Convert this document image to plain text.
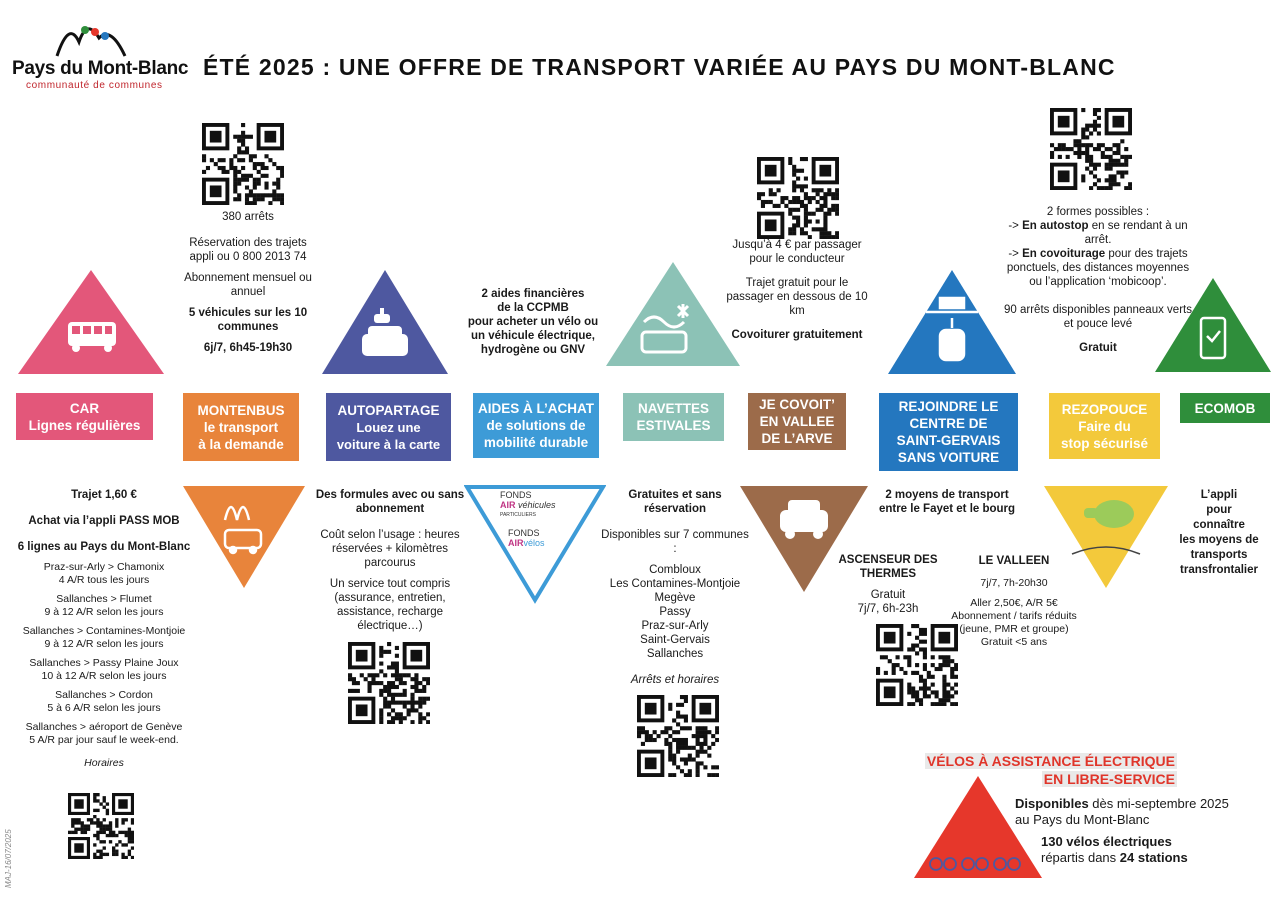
Pays du Mont-Blanc
communauté de communes
ÉTÉ 2025 : UNE OFFRE DE TRANSPORT VARIÉE AU PAYS DU MONT-BLANC
CAR
Lignes régulières

Trajet 1,60 €

Achat via l’appli PASS MOB

6 lignes au Pays du Mont-Blanc

Praz-sur-Arly > Chamonix
4 A/R tous les jours
Sallanches > Flumet
9 à 12 A/R selon les jours
Sallanches > Contamines-Montjoie
9 à 12 A/R selon les jours
Sallanches > Passy Plaine Joux
10 à 12 A/R selon les jours
Sallanches > Cordon
5 à 6 A/R selon les jours
Sallanches > aéroport de Genève
5 A/R par jour sauf le week-end.

Horaires

380 arrêts

Réservation des trajets appli ou 0 800 2013 74

Abonnement mensuel ou annuel

5 véhicules sur les 10 communes

6j/7, 6h45-19h30

MONTENBUS
le transport
à la demande
AUTOPARTAGE
Louez une
voiture à la carte

Des formules avec ou sans abonnement

Coût selon l’usage : heures réservées + kilomètres parcourus

Un service tout compris (assurance, entretien, assistance, recharge électrique…)

2 aides financières
de la CCPMB
pour acheter un vélo ou
un véhicule électrique,
hydrogène ou GNV
AIDES À L’ACHAT
de solutions de
mobilité durable
FONDS
AIR véhicules
PARTICULIERS
FONDS
AIRvélos
NAVETTES
ESTIVALES

Gratuites et sans réservation

Disponibles sur 7 communes :

Combloux
Les Contamines-Montjoie
Megève
Passy
Praz-sur-Arly
Saint-Gervais
Sallanches

Arrêts et horaires

Jusqu’à 4 € par passager pour le conducteur

Trajet gratuit pour le passager en dessous de 10 km

Covoiturer gratuitement

JE COVOIT’
EN VALLEE
DE L’ARVE
REJOINDRE LE
CENTRE DE
SAINT-GERVAIS
SANS VOITURE
2 moyens de transport entre le Fayet et le bourg

ASCENSEUR DES THERMES

Gratuit
7j/7, 6h-23h

LE VALLEEN

7j/7, 7h-20h30

Aller 2,50€, A/R 5€
Abonnement / tarifs réduits (jeune, PMR et groupe)
Gratuit <5 ans
2 formes possibles :
-> En autostop en se rendant à un arrêt.
-> En covoiturage pour des trajets ponctuels, des distances moyennes ou l’application ‘mobicoop’.

90 arrêts disponibles panneaux verts et pouce levé

Gratuit

REZOPOUCE
Faire du
stop sécurisé
ECOMOB
L’appli
pour
connaître
les moyens de
transports
transfrontalier
VÉLOS À ASSISTANCE ÉLECTRIQUE
EN LIBRE-SERVICE
Disponibles dès mi-septembre 2025
au Pays du Mont-Blanc
130 vélos électriques
répartis dans 24 stations
MAJ-16/07/2025
